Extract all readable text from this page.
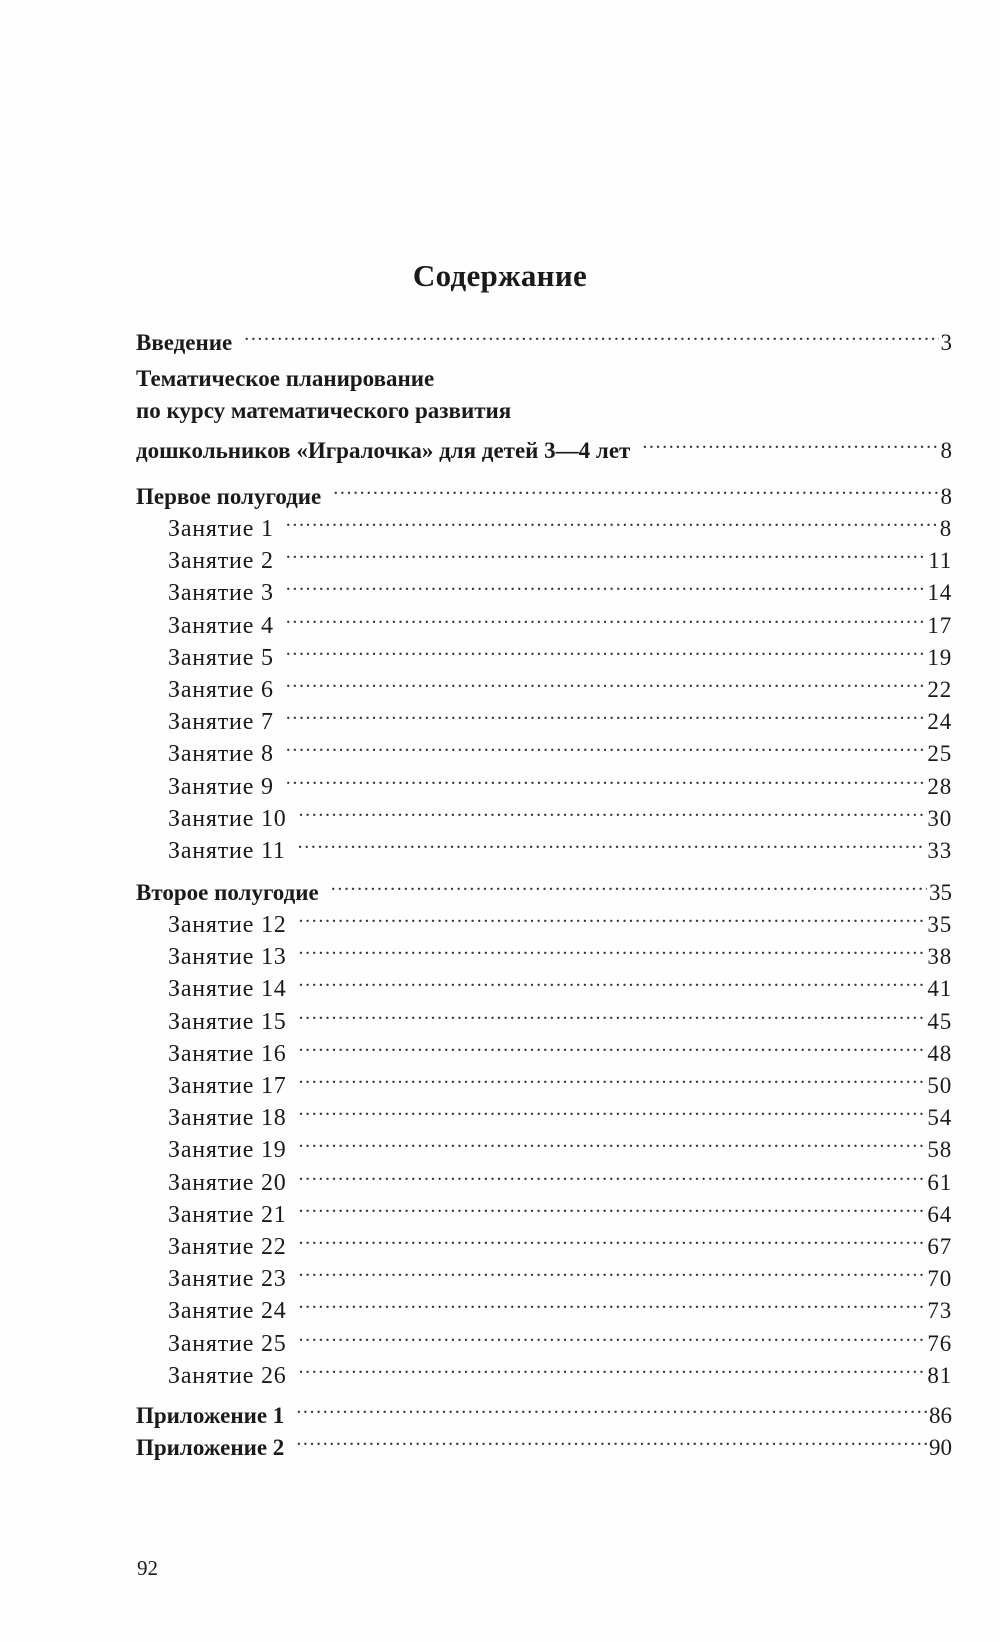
Содержание
Введение .....	3
Тематическое планирование
по курсу математического развития
дошкольников «Игралочка» для детей 3—4 лет .....	8
Первое полугодие .....	8
Занятие 1 .....	8
Занятие 2 .....	11
Занятие 3 .....	14
Занятие 4 .....	17
Занятие 5 .....	19
Занятие 6 .....	22
Занятие 7 .....	24
Занятие 8 .....	25
Занятие 9 .....	28
Занятие 10 .....	30
Занятие 11 .....	33
Второе полугодие .....	35
Занятие 12 .....	35
Занятие 13 .....	38
Занятие 14 .....	41
Занятие 15 .....	45
Занятие 16 .....	48
Занятие 17 .....	50
Занятие 18 .....	54
Занятие 19 .....	58
Занятие 20 .....	61
Занятие 21 .....	64
Занятие 22 .....	67
Занятие 23 .....	70
Занятие 24 .....	73
Занятие 25 .....	76
Занятие 26 .....	81
Приложение 1 .....	86
Приложение 2 .....	90
92
